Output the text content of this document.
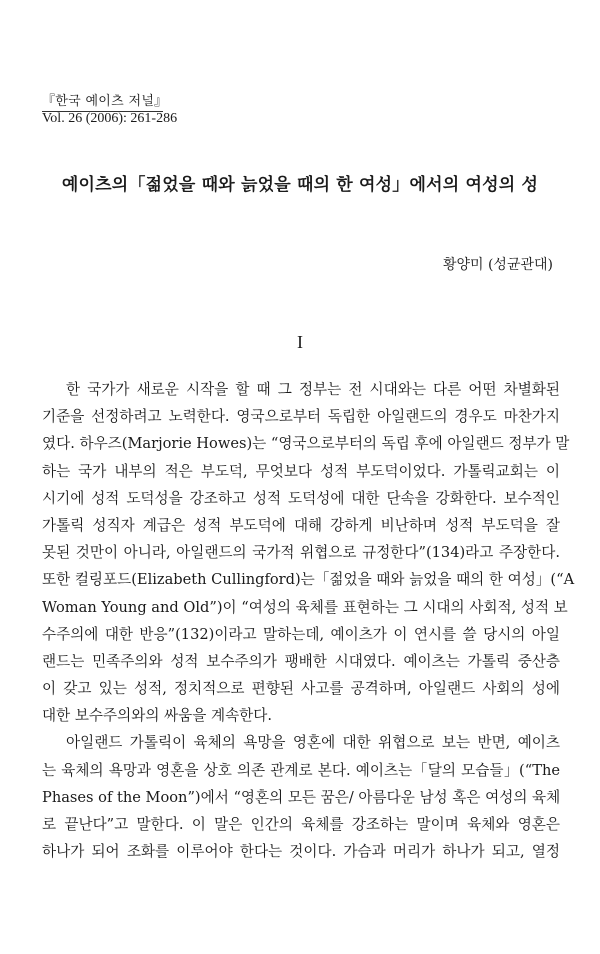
『한국 예이츠 저널』
Vol. 26 (2006): 261-286
예이츠의「젊었을 때와 늙었을 때의 한 여성」에서의 여성의 성
황양미 (성균관대)
I
한 국가가 새로운 시작을 할 때 그 정부는 전 시대와는 다른 어떤 차별화된
기준을 선정하려고 노력한다. 영국으로부터 독립한 아일랜드의 경우도 마찬가지
였다. 하우즈(Marjorie Howes)는 “영국으로부터의 독립 후에 아일랜드 정부가 말
하는 국가 내부의 적은 부도덕, 무엇보다 성적 부도덕이었다. 가톨릭교회는 이
시기에 성적 도덕성을 강조하고 성적 도덕성에 대한 단속을 강화한다. 보수적인
가톨릭 성직자 계급은 성적 부도덕에 대해 강하게 비난하며 성적 부도덕을 잘
못된 것만이 아니라, 아일랜드의 국가적 위협으로 규정한다”(134)라고 주장한다.
또한 컬링포드(Elizabeth Cullingford)는「젊었을 때와 늙었을 때의 한 여성」(“A
Woman Young and Old”)이 “여성의 육체를 표현하는 그 시대의 사회적, 성적 보
수주의에 대한 반응”(132)이라고 말하는데, 예이츠가 이 연시를 쓸 당시의 아일
랜드는 민족주의와 성적 보수주의가 팽배한 시대였다. 예이츠는 가톨릭 중산층
이 갖고 있는 성적, 정치적으로 편향된 사고를 공격하며, 아일랜드 사회의 성에
대한 보수주의와의 싸움을 계속한다.
아일랜드 가톨릭이 육체의 욕망을 영혼에 대한 위협으로 보는 반면, 예이츠
는 육체의 욕망과 영혼을 상호 의존 관계로 본다. 예이츠는「달의 모습들」(“The
Phases of the Moon”)에서 “영혼의 모든 꿈은/ 아름다운 남성 혹은 여성의 육체
로 끝난다”고 말한다. 이 말은 인간의 육체를 강조하는 말이며 육체와 영혼은
하나가 되어 조화를 이루어야 한다는 것이다. 가슴과 머리가 하나가 되고, 열정
